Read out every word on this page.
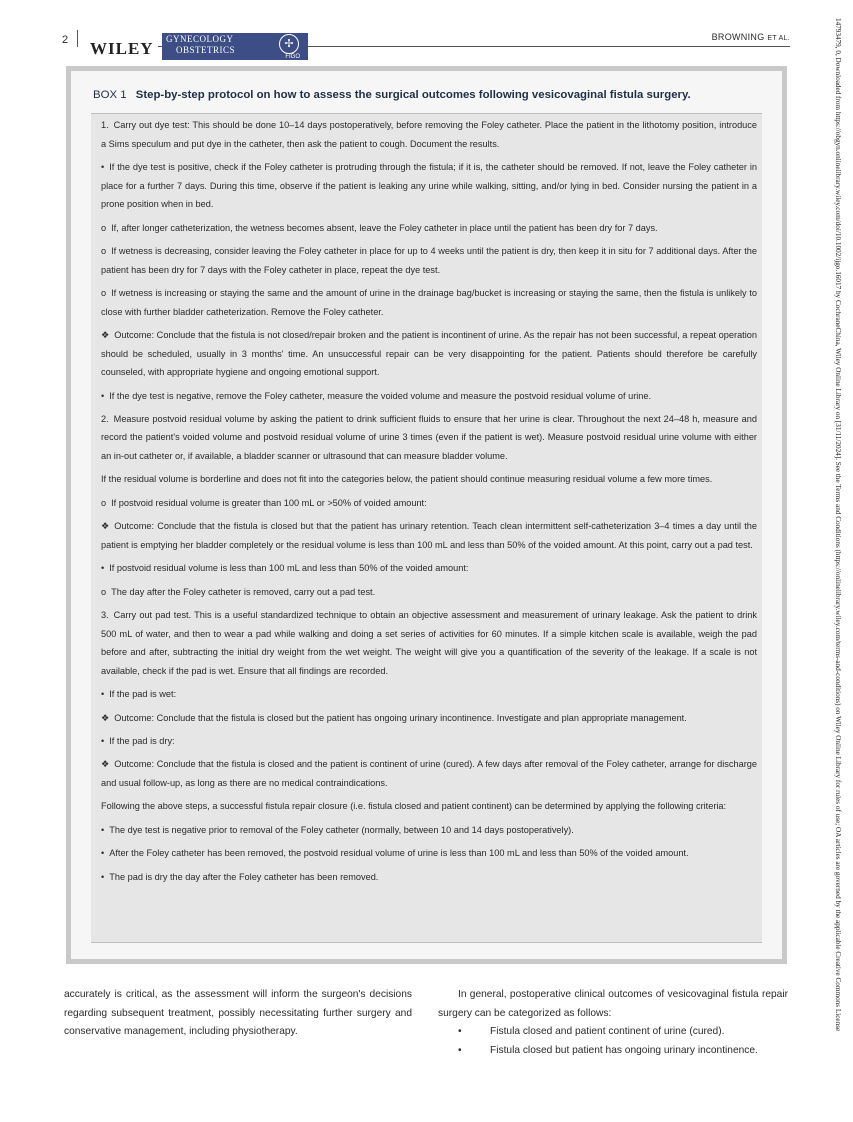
2 WILEY GYNECOLOGY
OBSTETRICS	✢
FIGO
BROWNING ET AL.	14793479, 0, Downloaded from https://obgyn.onlinelibrary.wiley.com/doi/10.1002/ijgo.16017 by CochraneChina, Wiley Online Library on [31/11/2024]. See the Terms and Conditions (https://onlinelibrary.wiley.com/terms-and-conditions) on Wiley Online Library for rules of use; OA articles are governed by the applicable Creative Commons License
BOX 1 Step-by-step protocol on how to assess the surgical outcomes following vesicovaginal fistula surgery.

1. Carry out dye test: This should be done 10–14 days postoperatively, before removing the Foley catheter. Place the patient in the lithotomy position, introduce a Sims speculum and put dye in the catheter, then ask the patient to cough. Document the results.

• If the dye test is positive, check if the Foley catheter is protruding through the fistula; if it is, the catheter should be removed. If not, leave the Foley catheter in place for a further 7 days. During this time, observe if the patient is leaking any urine while walking, sitting, and/or lying in bed. Consider nursing the patient in a prone position when in bed.

o If, after longer catheterization, the wetness becomes absent, leave the Foley catheter in place until the patient has been dry for 7 days.

o If wetness is decreasing, consider leaving the Foley catheter in place for up to 4 weeks until the patient is dry, then keep it in situ for 7 additional days. After the patient has been dry for 7 days with the Foley catheter in place, repeat the dye test.

o If wetness is increasing or staying the same and the amount of urine in the drainage bag/bucket is increasing or staying the same, then the fistula is unlikely to close with further bladder catheterization. Remove the Foley catheter.

❖ Outcome: Conclude that the fistula is not closed/repair broken and the patient is incontinent of urine. As the repair has not been successful, a repeat operation should be scheduled, usually in 3 months' time. An unsuccessful repair can be very disappointing for the patient. Patients should therefore be carefully counseled, with appropriate hygiene and ongoing emotional support.

• If the dye test is negative, remove the Foley catheter, measure the voided volume and measure the postvoid residual volume of urine.

2. Measure postvoid residual volume by asking the patient to drink sufficient fluids to ensure that her urine is clear. Throughout the next 24–48 h, measure and record the patient's voided volume and postvoid residual volume of urine 3 times (even if the patient is wet). Measure postvoid residual urine volume with either an in-out catheter or, if available, a bladder scanner or ultrasound that can measure bladder volume.

If the residual volume is borderline and does not fit into the categories below, the patient should continue measuring residual volume a few more times.

o If postvoid residual volume is greater than 100 mL or >50% of voided amount:

❖ Outcome: Conclude that the fistula is closed but that the patient has urinary retention. Teach clean intermittent self-catheterization 3–4 times a day until the patient is emptying her bladder completely or the residual volume is less than 100 mL and less than 50% of the voided amount. At this point, carry out a pad test.

• If postvoid residual volume is less than 100 mL and less than 50% of the voided amount:

o The day after the Foley catheter is removed, carry out a pad test.

3. Carry out pad test. This is a useful standardized technique to obtain an objective assessment and measurement of urinary leakage. Ask the patient to drink 500 mL of water, and then to wear a pad while walking and doing a set series of activities for 60 minutes. If a simple kitchen scale is available, weigh the pad before and after, subtracting the initial dry weight from the wet weight. The weight will give you a quantification of the severity of the leakage. If a scale is not available, check if the pad is wet. Ensure that all findings are recorded.

• If the pad is wet:

❖ Outcome: Conclude that the fistula is closed but the patient has ongoing urinary incontinence. Investigate and plan appropriate management.

• If the pad is dry:

❖ Outcome: Conclude that the fistula is closed and the patient is continent of urine (cured). A few days after removal of the Foley catheter, arrange for discharge and usual follow-up, as long as there are no medical contraindications.

Following the above steps, a successful fistula repair closure (i.e. fistula closed and patient continent) can be determined by applying the following criteria:

• The dye test is negative prior to removal of the Foley catheter (normally, between 10 and 14 days postoperatively).

• After the Foley catheter has been removed, the postvoid residual volume of urine is less than 100 mL and less than 50% of the voided amount.

• The pad is dry the day after the Foley catheter has been removed.

accurately is critical, as the assessment will inform the surgeon's decisions regarding subsequent treatment, possibly necessitating further surgery and conservative management, including physiotherapy.

In general, postoperative clinical outcomes of vesicovaginal fistula repair surgery can be categorized as follows:

• Fistula closed and patient continent of urine (cured).
• Fistula closed but patient has ongoing urinary incontinence.
